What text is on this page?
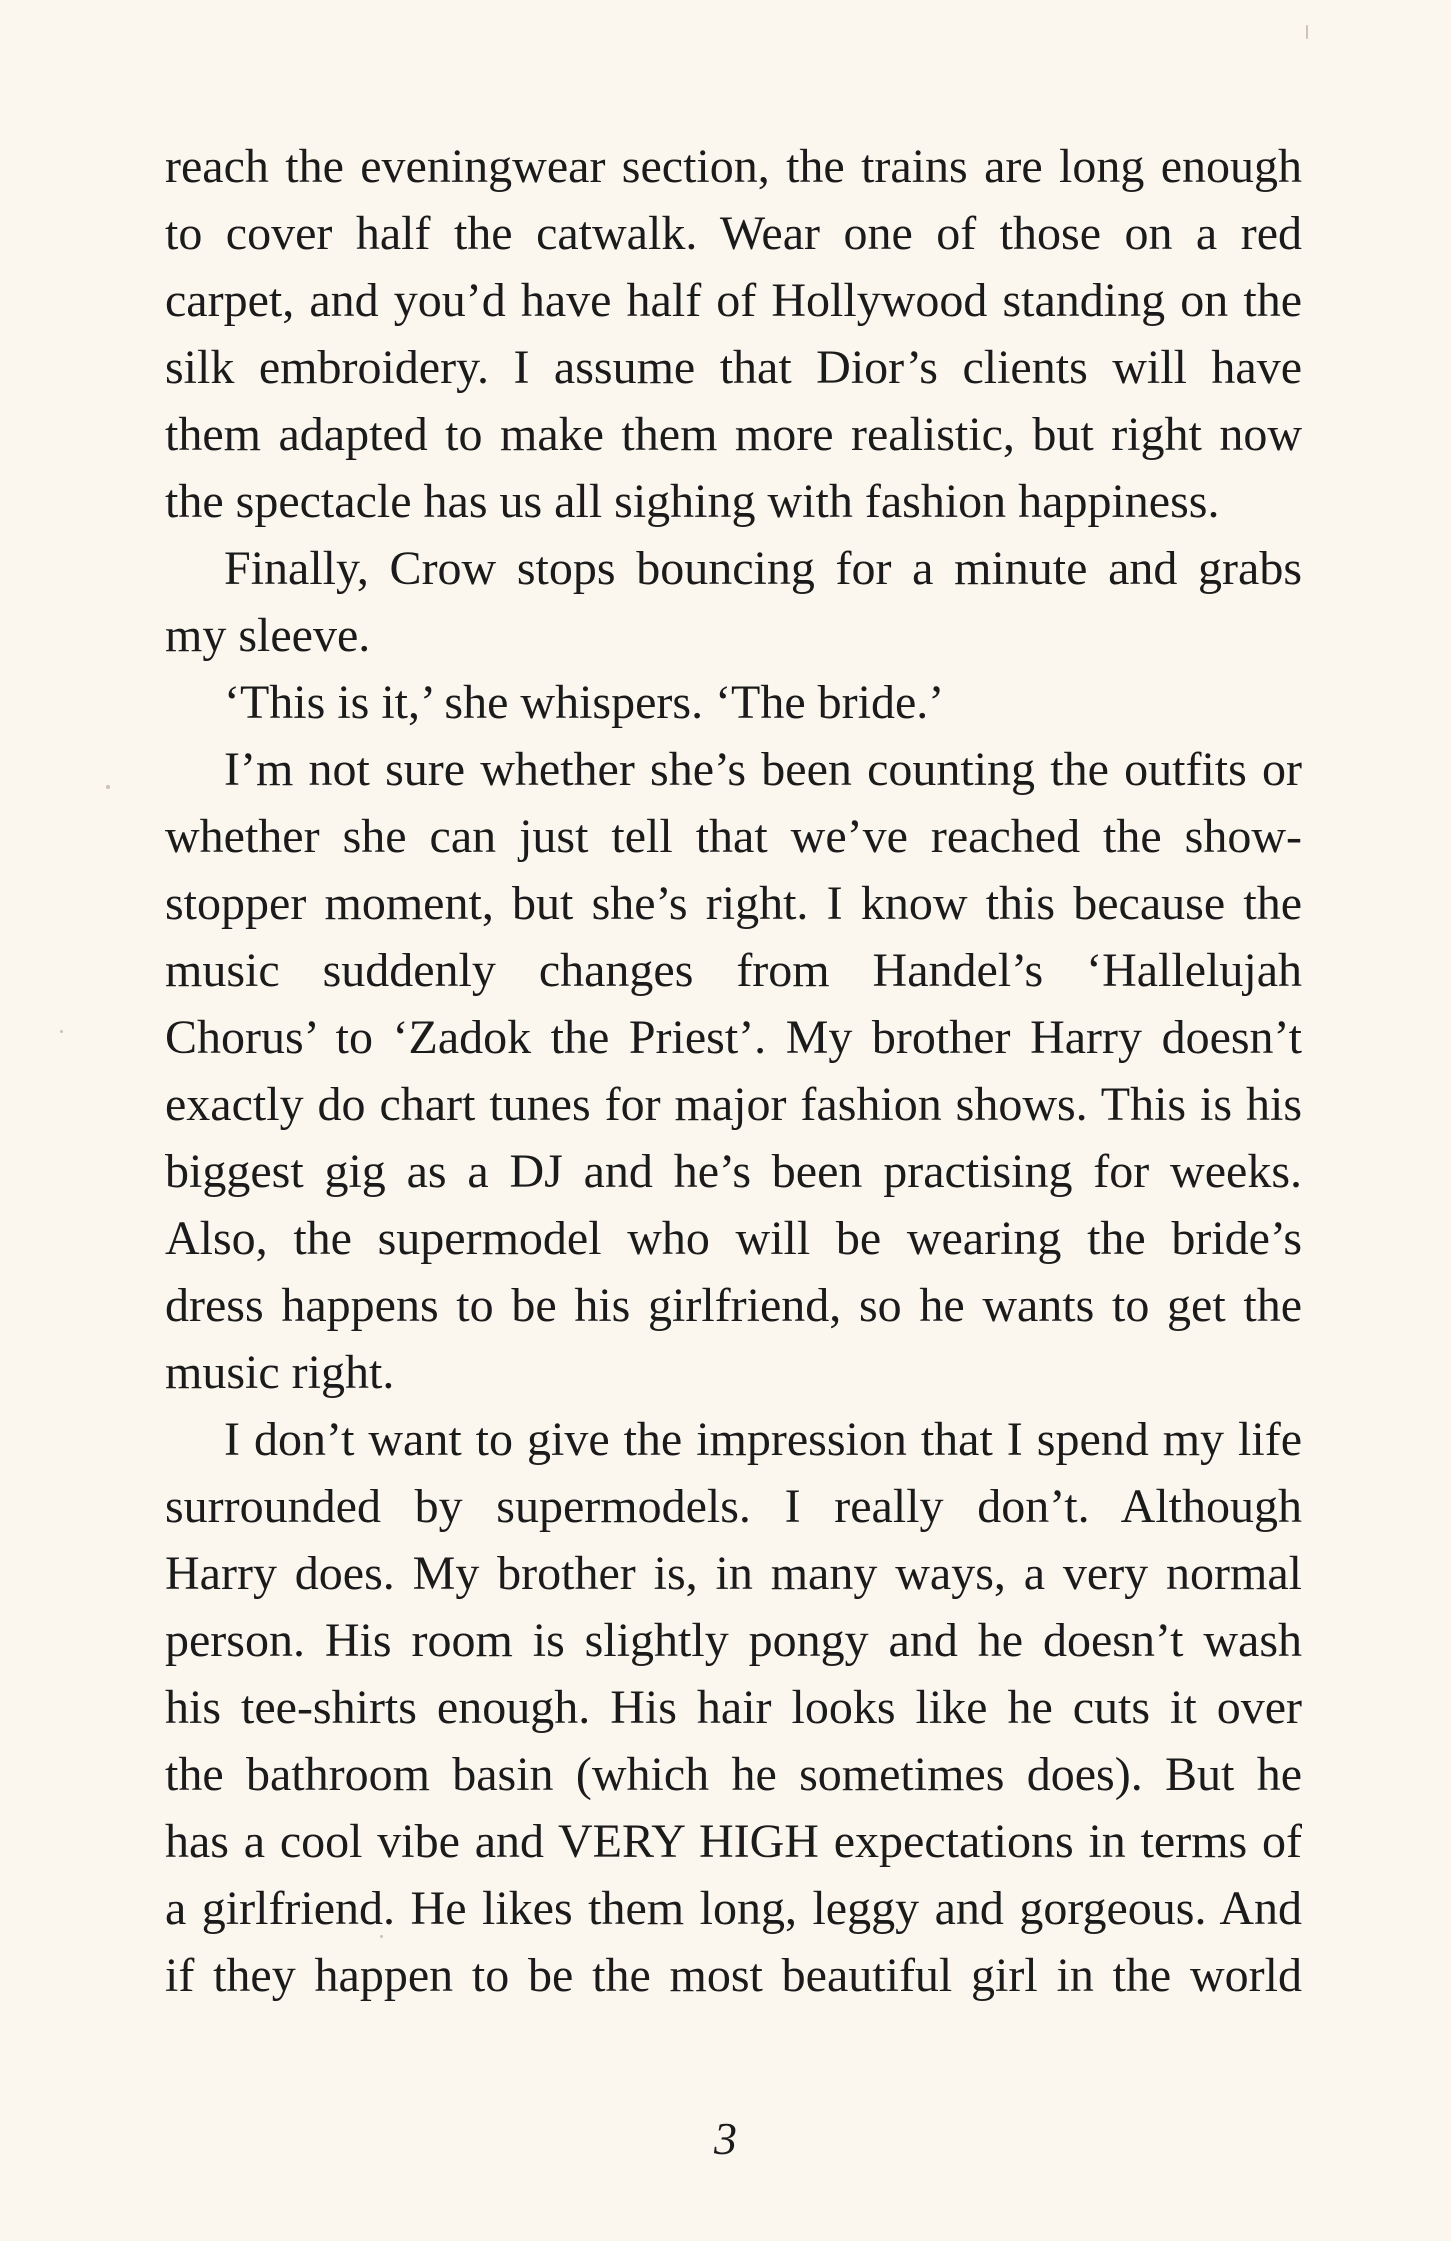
reach the eveningwear section, the trains are long enough
to cover half the catwalk. Wear one of those on a red
carpet, and you’d have half of Hollywood standing on the
silk embroidery. I assume that Dior’s clients will have
them adapted to make them more realistic, but right now
the spectacle has us all sighing with fashion happiness.
Finally, Crow stops bouncing for a minute and grabs
my sleeve.
‘This is it,’ she whispers. ‘The bride.’
I’m not sure whether she’s been counting the outfits or
whether she can just tell that we’ve reached the show-
stopper moment, but she’s right. I know this because the
music suddenly changes from Handel’s ‘Hallelujah
Chorus’ to ‘Zadok the Priest’. My brother Harry doesn’t
exactly do chart tunes for major fashion shows. This is his
biggest gig as a DJ and he’s been practising for weeks.
Also, the supermodel who will be wearing the bride’s
dress happens to be his girlfriend, so he wants to get the
music right.
I don’t want to give the impression that I spend my life
surrounded by supermodels. I really don’t. Although
Harry does. My brother is, in many ways, a very normal
person. His room is slightly pongy and he doesn’t wash
his tee-shirts enough. His hair looks like he cuts it over
the bathroom basin (which he sometimes does). But he
has a cool vibe and VERY HIGH expectations in terms of
a girlfriend. He likes them long, leggy and gorgeous. And
if they happen to be the most beautiful girl in the world
3
